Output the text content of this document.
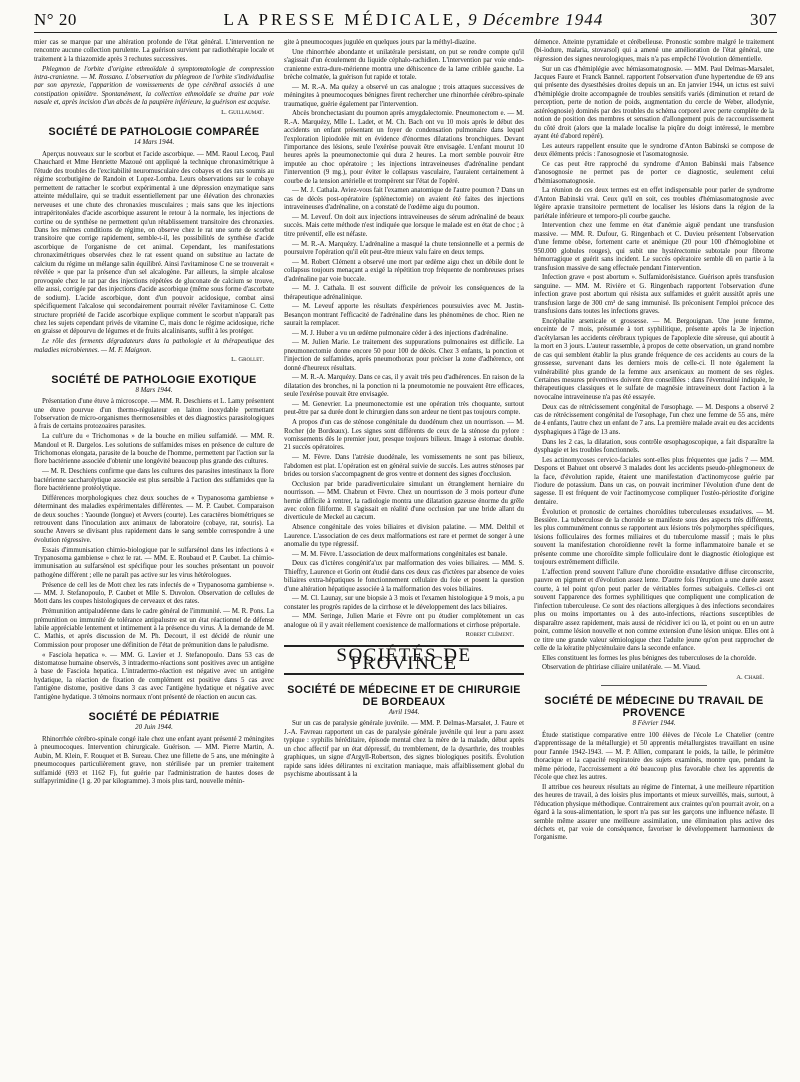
N° 20	LA PRESSE MÉDICALE, 9 Décembre 1944	307

mier cas se marque par une altération profonde de l'état général. L'intervention ne rencontre aucune collection purulente. La guérison survient par radiothérapie locale et traitement à la thiazomide après 3 rechutes successives.

Phlegmon de l'orbite d'origine ethmoïdale à symptomatologie de compression intra-cranienne. — M. Rossano. L'observation du phlegmon de l'orbite s'individualise par son apyrexie, l'apparition de vomissements de type cérébral associés à une constipation opiniâtre. Spontanément, la collection ethmoïdale se draine par voie nasale et, après incision d'un abcès de la paupière inférieure, la guérison est acquise.

L. Guillaumat.
SOCIÉTÉ DE PATHOLOGIE COMPARÉE
14 Mars 1944.

Aperçus nouveaux sur le scorbut et l'acide ascorbique. — MM. Raoul Lecoq, Paul Chauchard et Mme Henriette Mazoué ont appliqué la technique chronaximétrique à l'étude des troubles de l'excitabilité neuromusculaire des cobayes et des rats soumis au régime scorbutigène de Randoin et Lopez-Lomba. Leurs observations sur le cobaye permettent de rattacher le scorbut expérimental à une dépression enzymatique sans atteinte médullaire, qui se traduit essentiellement par une élévation des chronaxies nerveuses et une chute des chronaxies musculaires ; mais sans que les injections intrapéritonéales d'acide ascorbique assurent le retour à la normale, les injections de cortine ou de synthèse ne permettent qu'un rétablissement transitoire des chronaxies. Dans les mêmes conditions de régime, on observe chez le rat une sorte de scorbut transitoire que corrige rapidement, semble-t-il, les possibilités de synthèse d'acide ascorbique de l'organisme de cet animal. Cependant, les manifestations chronaximétriques observées chez le rat essent quand on substitue au lactate de calcium du régime un mélange salin équilibré. Ainsi l'avitaminose C ne se trouverait « révélée » que par la présence d'un sel alcalogène. Par ailleurs, la simple alcalose provoquée chez le rat par des injections répétées de gluconate de calcium se trouve, elle aussi, corrigée par des injections d'acide ascorbique (même sous forme d'ascorbate de sodium). L'acide ascorbique, dont d'un pouvoir acidosique, combat ainsi spécifiquement l'alcalose qui secondairement pourrait révéler l'avitaminose C. Cette structure propriété de l'acide ascorbique explique comment le scorbut n'apparaît pas chez les sujets cependant privés de vitamine C, mais donc le régime acidosique, riche en graisse et dépourvu de légumes et de fruits alcalinisants, suffit à les protéger.

Le rôle des ferments dégradateurs dans la pathologie et la thérapeutique des maladies microbiennes. — M. F. Maignon.

L. Grollet.
SOCIÉTÉ DE PATHOLOGIE EXOTIQUE
8 Mars 1944.

Présentation d'une étuve à microscope. — MM. R. Deschiens et L. Lamy présentent une étuve pourvue d'un thermo-régulateur en laiton inoxydable permettant l'observation de micro-organismes thermosensibles et des diagnostics parasitologiques à frais de certains protozoaires parasites.

La cult'ure du « Trichomonas » de la bouche en milieu sulfamidé. — MM. R. Mandoul et R. Dargelos. Les solutions de sulfamides mises en présence de culture de Trichomonas elongata, parasite de la bouche de l'homme, permettent par l'action sur la flore bactérienne associée d'obtenir une longévité beaucoup plus grande des cultures.

— M. R. Deschiens confirme que dans les cultures des parasites intestinaux la flore bactérienne saccharolytique associée est plus sensible à l'action des sulfamides que la flore bactérienne protéolytique.

Différences morphologiques chez deux souches de « Trypanosoma gambiense » déterminant des maladies expérimentales différentes. — M. P. Caubet. Comparaison de deux souches : Yaounde (longue) et Avvers (courte). Les caractères biométriques se retrouvent dans l'inoculation aux animaux de laboratoire (cobaye, rat, souris). La souche Anvers se divisant plus rapidement dans le sang semble correspondre à une évolution régressive.

Essais d'immunisation chimio-biologique par le sulfarsénol dans les infections à « Trypanosoma gambiense » chez le rat. — MM. E. Roubaud et P. Caubet. La chimio-immunisation au sulfarsénol est spécifique pour les souches présentant un pouvoir pathogène différent ; elle ne paraît pas active sur les virus hétérologues.

Présence de cell les de Mott chez les rats infectés de « Trypanosoma gambiense ». — MM. J. Stefanopoulo, P. Caubet et Mlle S. Duvolon. Observation de cellules de Mott dans les coupes histologiques de cerveaux et des rates.

Prémunition antipaludéenne dans le cadre général de l'immunité. — M. R. Pons. La prémunition ou immunité de tolérance antipalustre est un état réactionnel de défense labile appréciable lentement et intimement à la présence du virus. À la demande de M. C. Mathis, et après discussion de M. Ph. Decourt, il est décidé de réunir une Commission pour proposer une définition de l'état de prémunition dans le paludisme.

« Fasciola hepatica ». — MM. G. Lavier et J. Stefanopoulo. Dans 53 cas de distomatose humaine observés, 3 intradermo-réactions sont positives avec un antigène à base de Fasciola hepatica. L'intradermo-réaction est négative avec un antigène hydatique, la réaction de fixation de complément est positive dans 5 cas avec l'antigène distome, positive dans 3 cas avec l'antigène hydatique et négative avec l'antigène hydatique. 3 témoins normaux n'ont présenté de réaction en aucun cas.

SOCIÉTÉ DE PÉDIATRIE
20 Juin 1944.

Rhinorrhée cérébro-spinale congé itale chez une enfant ayant présenté 2 méningites à pneumocoques. Intervention chirurgicale. Guérison. — MM. Pierre Martin, A. Aubin, M. Klein, F. Rouquet et B. Sureau. Chez une fillette de 5 ans, une méningite à pneumocoques particulièrement grave, non stérilisée par un premier traitement sulfamidé (693 et 1162 F), fut guérie par l'administration de hautes doses de sulfapyrimidine (1 g. 20 par kilogramme). 3 mois plus tard, nouvelle ménin-

gite à pneumocoques jugulée en quelques jours par la méthyl-diazine.

Une rhinorrhée abondante et unilatérale persistant, on put se rendre compte qu'il s'agissait d'un écoulement du liquide céphalo-rachidien. L'intervention par voie endo-cranienne extra-dure-mérienne montra une déhiscence de la lame criblée gauche. La brèche colmatée, la guérison fut rapide et totale.

— M. R.-A. Ma quézy a observé un cas analogue ; trois attaques successives de méningites à pneumocoques bénignes firent rechercher une rhinorrhée cérébro-spinale traumatique, guérie également par l'intervention.

Abcès bronchectasiant du poumon après amygdalectomie. Pneumonectom e. — M. R.-A. Marquézy, Mlle L. Ladet, et M. Ch. Bach ont vu 10 mois après le début des accidents un enfant présentant un foyer de condensation pulmonaire dans lequel l'exploration lipiodolée mit en évidence d'énormes dilatations bronchiques. Devant l'importance des lésions, seule l'exérèse pouvait être envisagée. L'enfant mourut 10 heures après la pneumonectomie qui dura 2 heures. La mort semble pouvoir être imputée au choc opératoire ; les injections intraveineuses d'adrénaline pendant l'intervention (9 mg.), pour éviter le collapsus vasculaire, l'auraient certainement à courbe de la tension artérielle et trompèrent sur l'état de l'opéré.

— M. J. Cathala. Aviez-vous fait l'examen anatomique de l'autre poumon ? Dans un cas de décès post-opératoire (splénectomie) on avaient été faites des injections intraveineuses d'adrénaline, on a constaté de l'œdème aigu du poumon.

— M. Leveuf. On doit aux injections intraveineuses de sérum adrénaliné de beaux succès. Mais cette méthode n'est indiquée que lorsque le malade est en état de choc ; à titre préventif, elle est néfaste.

— M. R.-A. Marquézy. L'adrénaline a masqué la chute tensionnelle et a permis de poursuivre l'opération qu'il eût peut-être mieux valu faire en deux temps.

— M. Robert Clément a observé une mort par œdème aigu chez un débile dont le collapsus toujours menaçant a exigé la répétition trop fréquente de nombreuses prises d'adrénaline par voie buccale.

— M. J. Cathala. Il est souvent difficile de prévoir les conséquences de la thérapeutique adrénalinique.

— M. Leveuf apporte les résultats d'expériences poursuivies avec M. Justin-Besançon montrant l'efficacité de l'adrénaline dans les phénomènes de choc. Rien ne saurait la remplacer.

— M. J. Huber a vu un œdème pulmonaire céder à des injections d'adrénaline.

— M. Julien Marie. Le traitement des suppurations pulmonaires est difficile. La pneumonectomie donne encore 50 pour 100 de décès. Chez 3 enfants, la ponction et l'injection de sulfamides, après pneumothorax pour préciser la zone d'adhérence, ont donné d'heureux résultats.

— M. R.-A. Marquézy. Dans ce cas, il y avait très peu d'adhérences. En raison de la dilatation des bronches, ni la ponction ni la pneumotomie ne pouvaient être efficaces, seule l'exérèse pouvait être envisagée.

— M. Genevrier. La pneumonectomie est une opération très choquante, surtout peut-être par sa durée dont le chirurgien dans son ardeur ne tient pas toujours compte.

A propos d'un cas de sténose congénitale du duodénum chez un nourrisson. — M. Rocher (de Bordeaux). Les signes sont différents de ceux de la sténose du pylore : vomissements dès le premier jour, presque toujours bilieux. Image à estomac double. 21 succès opératoires.

— M. Fèvre. Dans l'atrésie duodénale, les vomissements ne sont pas bilieux, l'abdomen est plat. L'opération est en général suivie de succès. Les autres sténoses par brides ou torsion s'accompagnent de gros ventre et donnent des signes d'occlusion.

Occlusion par bride paradiverticulaire simulant un étranglement herniaire du nourrisson. — MM. Chabrun et Fèvre. Chez un nourrisson de 3 mois porteur d'une hernie difficile à rentrer, la radiologie montra une dilatation gazeuse énorme du grêle avec colon filiforme. Il s'agissait en réalité d'une occlusion par une bride allant du diverticule de Meckel au cæcum.

Absence congénitale des voies biliaires et division palatine. — MM. Delthil et Laurence. L'association de ces deux malformations est rare et permet de songer à une anomalie du type régressif.

— M. M. Fèvre. L'association de deux malformations congénitales est banale.

Deux cas d'ictères congénit'a'ux par malformation des voies biliaires. — MM. S. Thieffry, Laurence et Gorin ont étudié dans ces deux cas d'ictères par absence de voies biliaires extra-hépatiques le fonctionnement cellulaire du foie et posent la question d'une altération hépatique associée à la malformation des voies biliaires.

— M. Cl. Launay, sur une biopsie à 3 mois et l'examen histologique à 9 mois, a pu constater les progrès rapides de la cirrhose et le développement des lacs biliaires.

— MM. Seringe, Julien Marie et Fèvre ont pu étudier complètement un cas analogue où il y avait réellement coexistence de malformations et cirrhose préportale.

Robert Clément.
SOCIÉTÉS DE PROVINCE
SOCIÉTÉ DE MÉDECINE ET DE CHIRURGIE DE BORDEAUX
Avril 1944.

Sur un cas de paralysie générale juvénile. — MM. P. Delmas-Marsalet, J. Faure et J.-A. Favreau rapportent un cas de paralysie générale juvénile qui leur a paru assez typique : syphilis héréditaire, épisode mental chez la mère de la malade, début après un choc affectif par un état dépressif, du tremblement, de la dysarthrie, des troubles graphiques, un signe d'Argyll-Robertson, des signes biologiques positifs. Évolution rapide sans idées délirantes ni excitation maniaque, mais affaiblissement global du psychisme aboutissant à la

démence. Atteinte pyramidale et cérébelleuse. Pronostic sombre malgré le traitement (bi-iodure, malaria, stovarsol) qui a amené une amélioration de l'état général, une régression des signes neurologiques, mais n'a pas empêché l'évolution démentielle.

Sur un cas d'hémiplégie avec hémiasomatognosie. — MM. Paul Delmas-Marsalet, Jacques Faure et Franck Bannel. rapportent l'observation d'une hypertendue de 69 ans qui présente des dysesthésies droites depuis un an. En janvier 1944, un ictus est suivi d'hémiplégie droite accompagnée de troubles sensitifs variés (diminution et retard de perception, perte de notion de poids, augmentation du cercle de Weber, allodynie, astéréognosie) dominés par des troubles du schéma corporel avec perte complète de la notion de position des membres et sensation d'allongement puis de raccourcissement du côté droit (alors que la malade localise la piqûre du doigt intéressé, le membre ayant été d'abord repéré).

Les auteurs rappellent ensuite que le syndrome d'Anton Babinski se compose de deux éléments précis : l'anosognosie et l'asomatognosie.

Ce cas peut être rapproché du syndrome d'Anton Babinski mais l'absence d'anosognosie ne permet pas de porter ce diagnostic, seulement celui d'hémiasomatognosie.

La réunion de ces deux termes est en effet indispensable pour parler de syndrome d'Anton Babinski vrai. Ceux qu'il en soit, ces troubles d'hémiasomatognosie avec légère apraxie transitoire permettent de localiser les lésions dans la région de la pariétale inférieure et temporo-pli courbe gauche.

Intervention chez une femme en état d'anémie aiguë pendant une transfusion massive. — MM. R. Dufour, G. Ringenbach et C. Duvieu présentent l'observation d'une femme obèse, fortement carte et anémique (20 pour 100 d'hémoglobine et 950.000 globules rouges), qui subit une hystérectomie subtotale pour fibrome hémorragique et guérit sans incident. Le succès opératoire semble dû en partie à la transfusion massive de sang effectuée pendant l'intervention.

Infection grave « post abortum ». Sulfamidorésistance. Guérison après transfusion sanguine. — MM. M. Rivière et G. Ringenbach rapportent l'observation d'une infection grave post abortum qui résista aux sulfamides et guérit aussitôt après une transfusion large de 300 cm³ de sang immunisé. Ils préconisent l'emploi précoce des transfusions dans toutes les infections graves.

Encéphalite arsenicale et grossesse. — M. Bergouignan. Une jeune femme, enceinte de 7 mois, présumée à tort syphilitique, présente après la 3e injection d'acétylarsan les accidents cérébraux typiques de l'apoplexie dite séreuse, qui aboutit à la mort en 3 jours. L'auteur rassemble, à propos de cette observation, un grand nombre de cas qui semblent établir la plus grande fréquence de ces accidents au cours de la grossesse, survenant dans les derniers mois de celle-ci. Il note également la vulnérabilité plus grande de la femme aux arsenicaux au moment de ses règles. Certaines mesures préventives doivent être conseillées : dans l'éventualité indiquée, le thérapeutiques classiques et le sulfate de magnésie intraveineux dont l'action à la novocaïne intraveineuse n'a pas été essayée.

Deux cas de rétrécissement congénital de l'œsophage. — M. Despons a observé 2 cas de rétrécissement congénital de l'œsophage, l'un chez une femme de 55 ans, mère de 4 enfants, l'autre chez un enfant de 7 ans. La première malade avait eu des accidents dysphagiques à l'âge de 13 ans.

Dans les 2 cas, la dilatation, sous contrôle œsophagoscopique, a fait disparaître la dysphagie et les troubles fonctionnels.

Les actinomycoses cervico-faciales sont-elles plus fréquentes que jadis ? — MM. Despons et Bahuet ont observé 3 malades dont les accidents pseudo-phlegmoneux de la face, d'évolution rapide, étaient une manifestation d'actinomycose guérie par l'iodure de potassium. Dans un cas, on pouvait incriminer l'évolution d'une dent de sagesse. Il est fréquent de voir l'actinomycose compliquer l'ostéo-périostite d'origine dentaire.

Évolution et pronostic de certaines choroïdites tuberculeuses exsudatives. — M. Bessière. La tuberculose de la choroïde se manifeste sous des aspects très différents, les plus communément connus se rapportent aux lésions très polymorphes spécifiques, lésions folliculaires des formes miliaires et du tuberculome massif ; mais le plus souvent la manifestation choroïdienne revêt la forme inflammatoire banale et se présente comme une choroïdite simple folliculaire dont le diagnostic étiologique est toujours extrêmement difficile.

L'affection prend souvent l'allure d'une choroïdite exsudative diffuse circonscrite, pauvre en pigment et d'évolution assez lente. D'autre fois l'éruption a une durée assez courte, à tel point qu'on peut parler de véritables formes subaiguës. Celles-ci ont souvent l'apparence des formes syphilitiques que compliquent une complication de l'infection tuberculeuse. Ce sont des réactions allergiques à des infections secondaires plus ou moins importantes ou à des auto-infections, réactions susceptibles de disparaître assez rapidement, mais aussi de récidiver ici ou là, et point ou en un autre point, comme lésion nouvelle et non comme extension d'une lésion unique. Elles ont à ce titre une grande valeur sémiologique chez l'adulte jeune qu'on peut rapprocher de celle de la kératite phlycténulaire dans la seconde enfance.

Elles constituent les formes les plus bénignes des tuberculoses de la choroïde.

Observation de phtiriase ciliaire unilatérale. — M. Viaud.

A. Chabé.
SOCIÉTÉ DE MÉDECINE DU TRAVAIL DE PROVENCE
8 Février 1944.

Étude statistique comparative entre 100 élèves de l'école Le Chatelier (centre d'apprentissage de la métallurgie) et 50 apprentis métallurgistes travaillant en usine pour l'année 1942-1943. — M. P. Allien, comparant le poids, la taille, le périmètre thoracique et la capacité respiratoire des sujets examinés, montre que, pendant la même période, l'accroissement a été beaucoup plus favorable chez les apprentis de l'école que chez les autres.

Il attribue ces heureux résultats au régime de l'internat, à une meilleure répartition des heures de travail, à des loisirs plus importants et mieux surveillés, mais, surtout, à l'éducation physique méthodique. Contrairement aux craintes qu'on pourrait avoir, on a égard à la sous-alimentation, le sport n'a pas sur les garçons une influence néfaste. Il semble même assurer une meilleure assimilation, une élimination plus active des déchets et, par voie de conséquence, favoriser le développement harmonieux de l'organisme.
